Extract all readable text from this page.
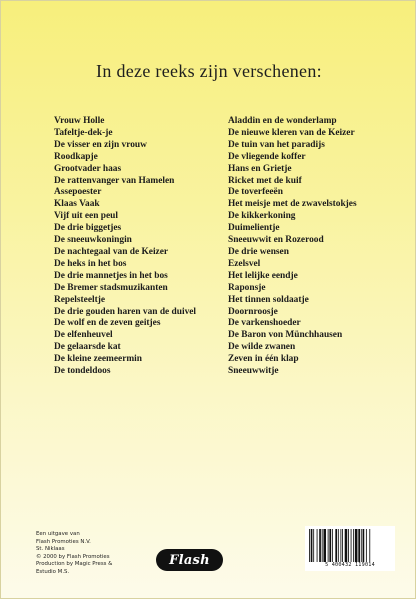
In deze reeks zijn verschenen:
Vrouw Holle
Tafeltje-dek-je
De visser en zijn vrouw
Roodkapje
Grootvader haas
De rattenvanger van Hamelen
Assepoester
Klaas Vaak
Vijf uit een peul
De drie biggetjes
De sneeuwkoningin
De nachtegaal van de Keizer
De heks in het bos
De drie mannetjes in het bos
De Bremer stadsmuzikanten
Repelsteeltje
De drie gouden haren van de duivel
De wolf en de zeven geitjes
De elfenheuvel
De gelaarsde kat
De kleine zeemeermin
De tondeldoos
Aladdin en de wonderlamp
De nieuwe kleren van de Keizer
De tuin van het paradijs
De vliegende koffer
Hans en Grietje
Ricket met de kuif
De toverfeeën
Het meisje met de zwavelstokjes
De kikkerkoning
Duimelientje
Sneeuwwit en Rozerood
De drie wensen
Ezelsvel
Het lelijke eendje
Raponsje
Het tinnen soldaatje
Doornroosje
De varkenshoeder
De Baron von Münchhausen
De wilde zwanen
Zeven in één klap
Sneeuwwitje
Een uitgave van
Flash Promoties N.V.
St. Niklaas
© 2000 by Flash Promoties
Production by Magic Press &
Estudio M.S.
Flash	5 400432 119014
